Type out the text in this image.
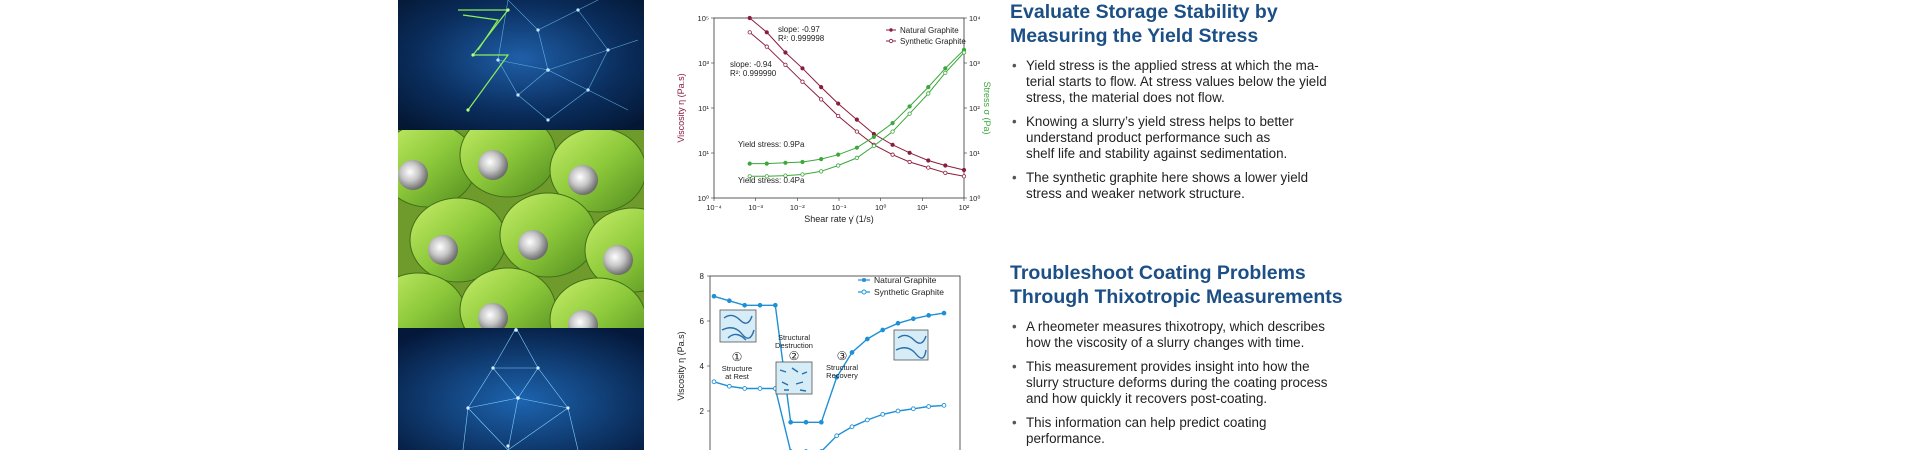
10⁻⁴	10⁻³	10⁻²	10⁻¹	10⁰	10¹	10²
10⁵
10³
10¹
10¹
10⁰
10⁴
10³
10²
10¹
10⁰
Shear rate γ̇ (1/s)
Viscosity η (Pa.s)	Stress σ (Pa)
slope: -0.97
R²: 0.999998
slope: -0.94
R²: 0.999990
Yield stress: 0.9Pa
Yield stress: 0.4Pa
Natural Graphite
Synthetic Graphite
8
6
4
2
Viscosity η (Pa.s)
Natural Graphite
Synthetic Graphite
①
Structure
at Rest
Structural
Destruction
②	③
Structural
Recovery
Evaluate Storage Stability by
Measuring the Yield Stress
• Yield stress is the applied stress at which the ma-
terial starts to flow. At stress values below the yield
stress, the material does not flow.
• Knowing a slurry’s yield stress helps to better
understand product performance such as
shelf life and stability against sedimentation.
• The synthetic graphite here shows a lower yield
stress and weaker network structure.
Troubleshoot Coating Problems
Through Thixotropic Measurements
• A rheometer measures thixotropy, which describes
how the viscosity of a slurry changes with time.
• This measurement provides insight into how the
slurry structure deforms during the coating process
and how quickly it recovers post-coating.
• This information can help predict coating
performance.
